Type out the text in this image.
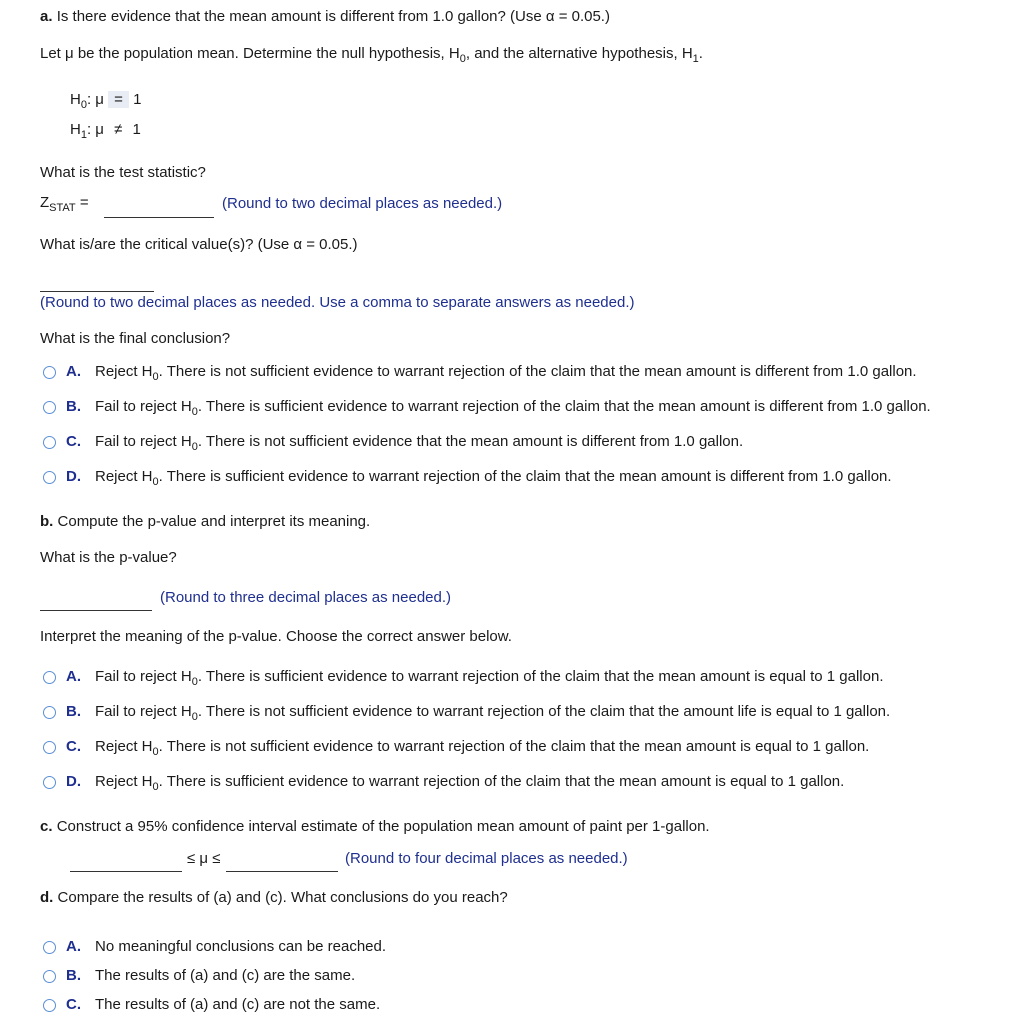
a. Is there evidence that the mean amount is different from 1.0 gallon? (Use α = 0.05.)
Let μ be the population mean. Determine the null hypothesis, $H_0$, and the alternative hypothesis, $H_1$.
$H_0$: μ = 1
$H_1$: μ ≠ 1
What is the test statistic?
$Z_{STAT}$ =	(Round to two decimal places as needed.)
What is/are the critical value(s)? (Use α = 0.05.)
(Round to two decimal places as needed. Use a comma to separate answers as needed.)
What is the final conclusion?
A. Reject $H_0$. There is not sufficient evidence to warrant rejection of the claim that the mean amount is different from 1.0 gallon.
B. Fail to reject $H_0$. There is sufficient evidence to warrant rejection of the claim that the mean amount is different from 1.0 gallon.
C. Fail to reject $H_0$. There is not sufficient evidence that the mean amount is different from 1.0 gallon.
D. Reject $H_0$. There is sufficient evidence to warrant rejection of the claim that the mean amount is different from 1.0 gallon.
b. Compute the p-value and interpret its meaning.
What is the p-value?
(Round to three decimal places as needed.)
Interpret the meaning of the p-value. Choose the correct answer below.
A. Fail to reject $H_0$. There is sufficient evidence to warrant rejection of the claim that the mean amount is equal to 1 gallon.
B. Fail to reject $H_0$. There is not sufficient evidence to warrant rejection of the claim that the amount life is equal to 1 gallon.
C. Reject $H_0$. There is not sufficient evidence to warrant rejection of the claim that the mean amount is equal to 1 gallon.
D. Reject $H_0$. There is sufficient evidence to warrant rejection of the claim that the mean amount is equal to 1 gallon.
c. Construct a 95% confidence interval estimate of the population mean amount of paint per 1-gallon.
≤ μ ≤	(Round to four decimal places as needed.)
d. Compare the results of (a) and (c). What conclusions do you reach?
A. No meaningful conclusions can be reached.
B. The results of (a) and (c) are the same.
C. The results of (a) and (c) are not the same.
